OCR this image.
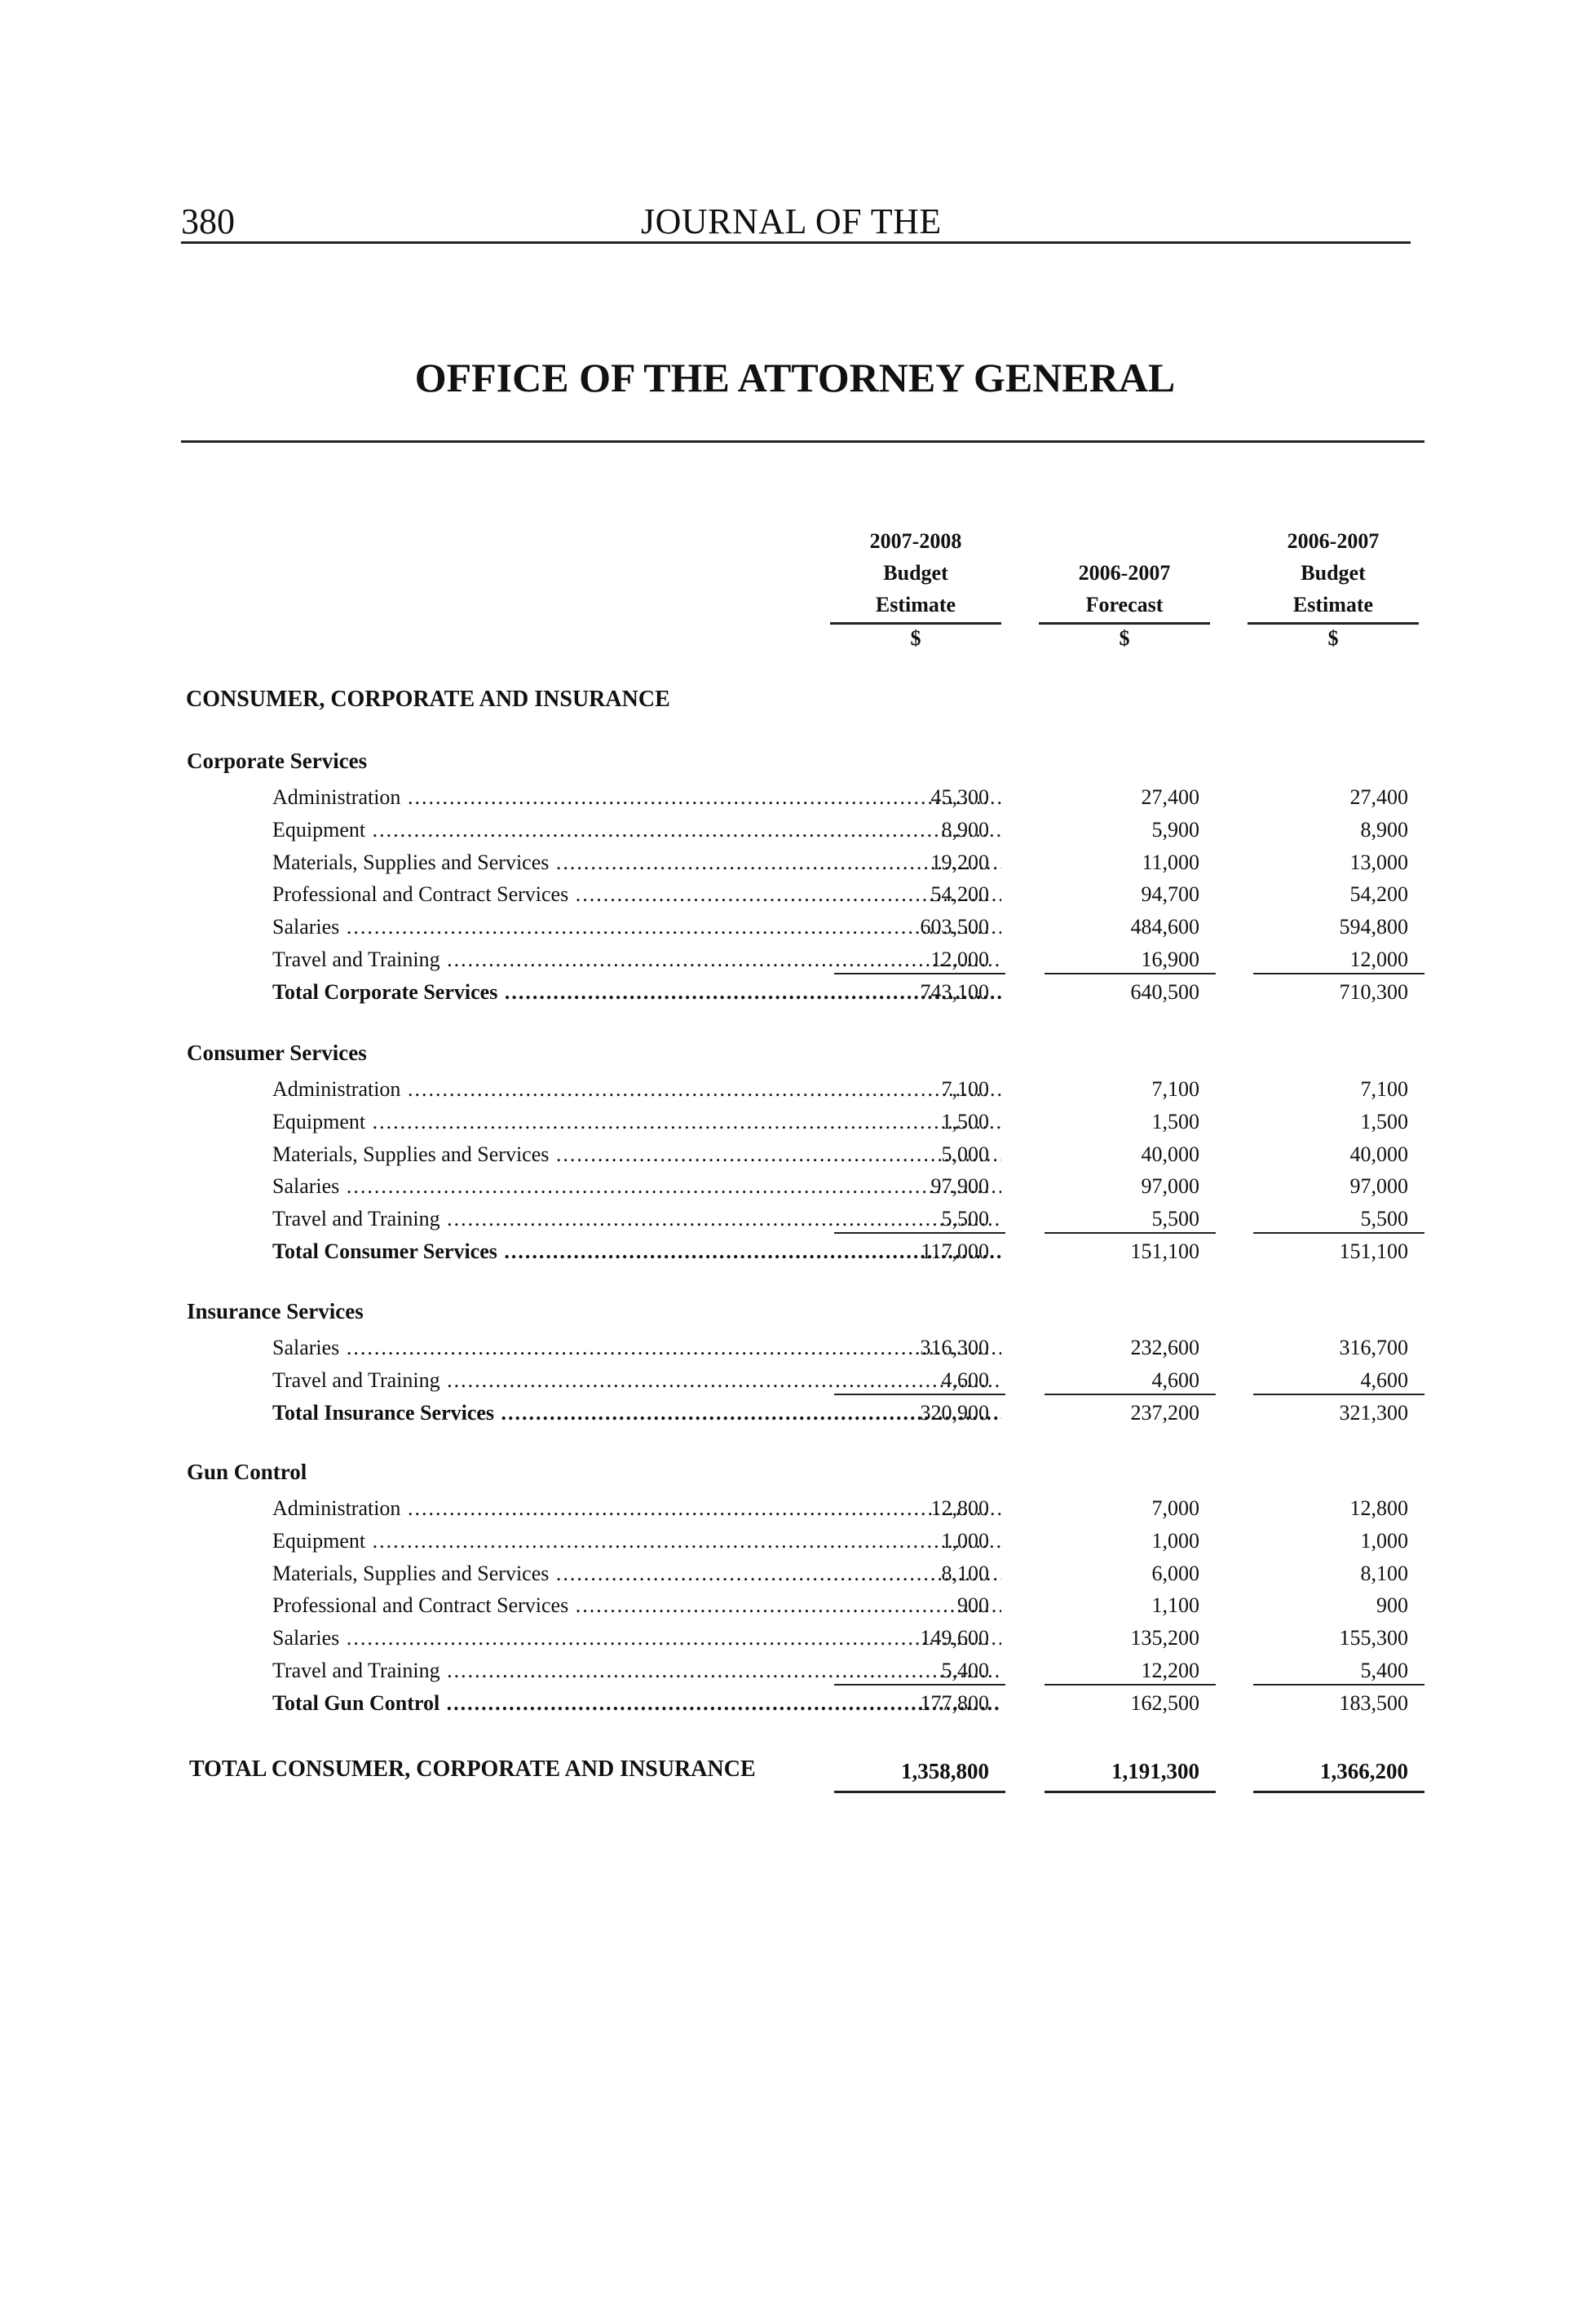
380	JOURNAL OF THE
OFFICE OF THE ATTORNEY GENERAL
2007-2008
Budget
Estimate

2006-2007
Forecast
2006-2007
Budget
Estimate
$	$	$
CONSUMER, CORPORATE AND INSURANCE
Corporate Services
Administration .....	45,300	27,400	27,400
Equipment .....	8,900	5,900	8,900
Materials, Supplies and Services .....	19,200	11,000	13,000
Professional and Contract Services .....	54,200	94,700	54,200
Salaries .....	603,500	484,600	594,800
Travel and Training .....	12,000	16,900	12,000
Total Corporate Services .....	743,100	640,500	710,300
Consumer Services
Administration .....	7,100	7,100	7,100
Equipment .....	1,500	1,500	1,500
Materials, Supplies and Services .....	5,000	40,000	40,000
Salaries .....	97,900	97,000	97,000
Travel and Training .....	5,500	5,500	5,500
Total Consumer Services .....	117,000	151,100	151,100
Insurance Services
Salaries .....	316,300	232,600	316,700
Travel and Training .....	4,600	4,600	4,600
Total Insurance Services .....	320,900	237,200	321,300
Gun Control
Administration .....	12,800	7,000	12,800
Equipment .....	1,000	1,000	1,000
Materials, Supplies and Services .....	8,100	6,000	8,100
Professional and Contract Services .....	900	1,100	900
Salaries .....	149,600	135,200	155,300
Travel and Training .....	5,400	12,200	5,400
Total Gun Control .....	177,800	162,500	183,500
TOTAL CONSUMER, CORPORATE AND INSURANCE	1,358,800	1,191,300	1,366,200
